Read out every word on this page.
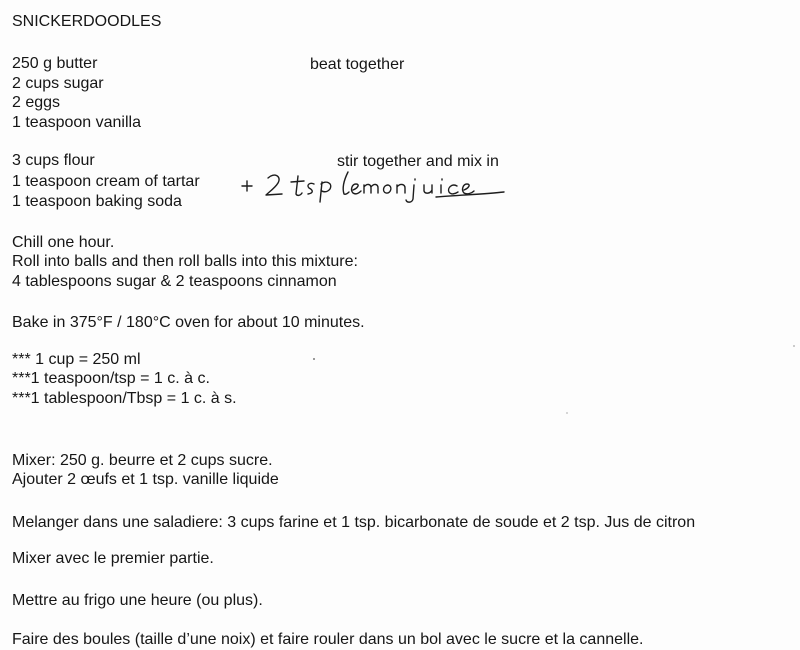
SNICKERDOODLES

250 g butter

2 cups sugar

2 eggs

1 teaspoon vanilla

beat together

3 cups flour

1 teaspoon cream of tartar

1 teaspoon baking soda

stir together and mix in

Chill one hour.

Roll into balls and then roll balls into this mixture:

4 tablespoons sugar & 2 teaspoons cinnamon

Bake in 375°F / 180°C oven for about 10 minutes.

*** 1 cup = 250 ml

***1 teaspoon/tsp = 1 c. à c.

***1 tablespoon/Tbsp = 1 c. à s.

Mixer: 250 g. beurre et 2 cups sucre.

Ajouter 2 œufs et 1 tsp. vanille liquide

Melanger dans une saladiere: 3 cups farine et 1 tsp. bicarbonate de soude et 2 tsp. Jus de citron

Mixer avec le premier partie.

Mettre au frigo une heure (ou plus).

Faire des boules (taille d’une noix) et faire rouler dans un bol avec le sucre et la cannelle.
